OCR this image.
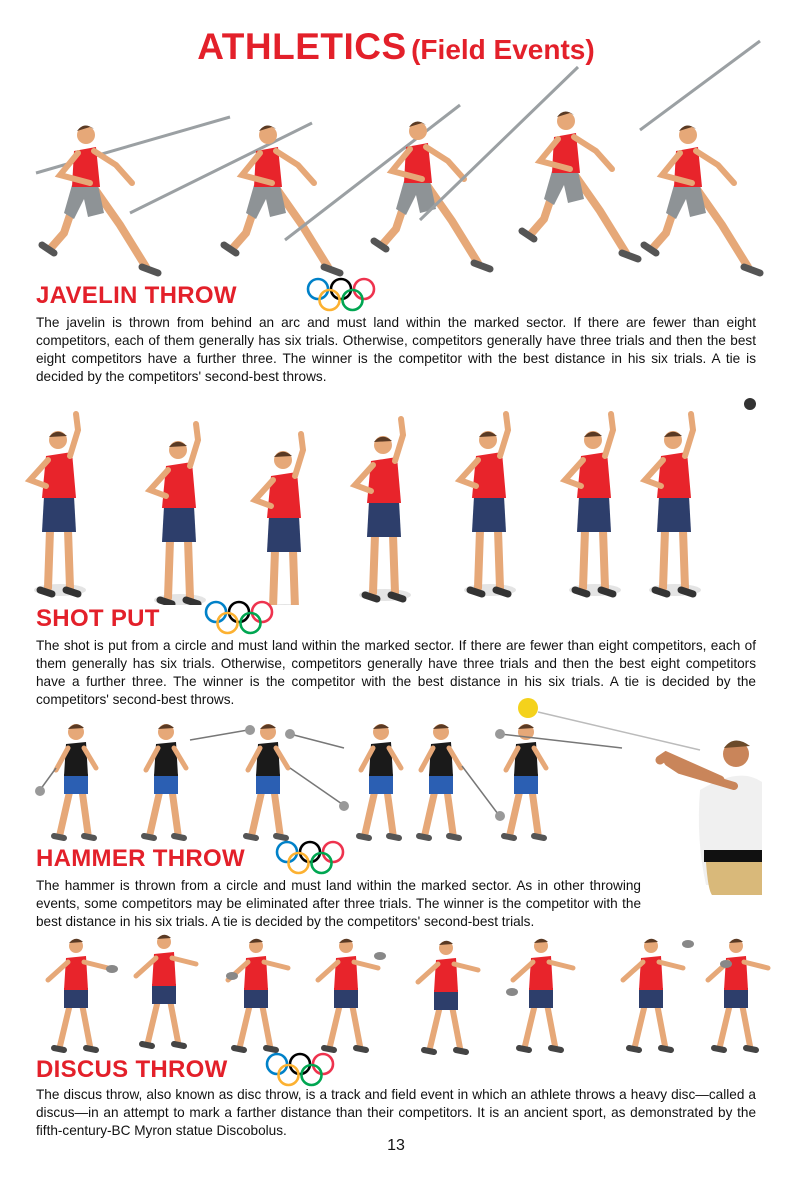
ATHLETICS (Field Events)
JAVELIN THROW
The javelin is thrown from behind an arc and must land within the marked sector. If there are fewer than eight competitors, each of them generally has six trials. Otherwise, competitors generally have three trials and then the best eight competitors have a further three. The winner is the competitor with the best distance in his six trials. A tie is decided by the competitors' second-best throws.
SHOT PUT
The shot is put from a circle and must land within the marked sector. If there are fewer than eight competitors, each of them generally has six trials. Otherwise, competitors generally have three trials and then the best eight competitors have a further three. The winner is the competitor with the best distance in his six trials. A tie is decided by the competitors' second-best throws.
HAMMER THROW
The hammer is thrown from a circle and must land within the marked sector. As in other throwing events, some competitors may be eliminated after three trials. The winner is the competitor with the best distance in his six trials. A tie is decided by the competitors' second-best trials.
DISCUS THROW
The discus throw, also known as disc throw, is a track and field event in which an athlete throws a heavy disc—called a discus—in an attempt to mark a farther distance than their competitors. It is an ancient sport, as demonstrated by the fifth-century-BC Myron statue Discobolus.
13
